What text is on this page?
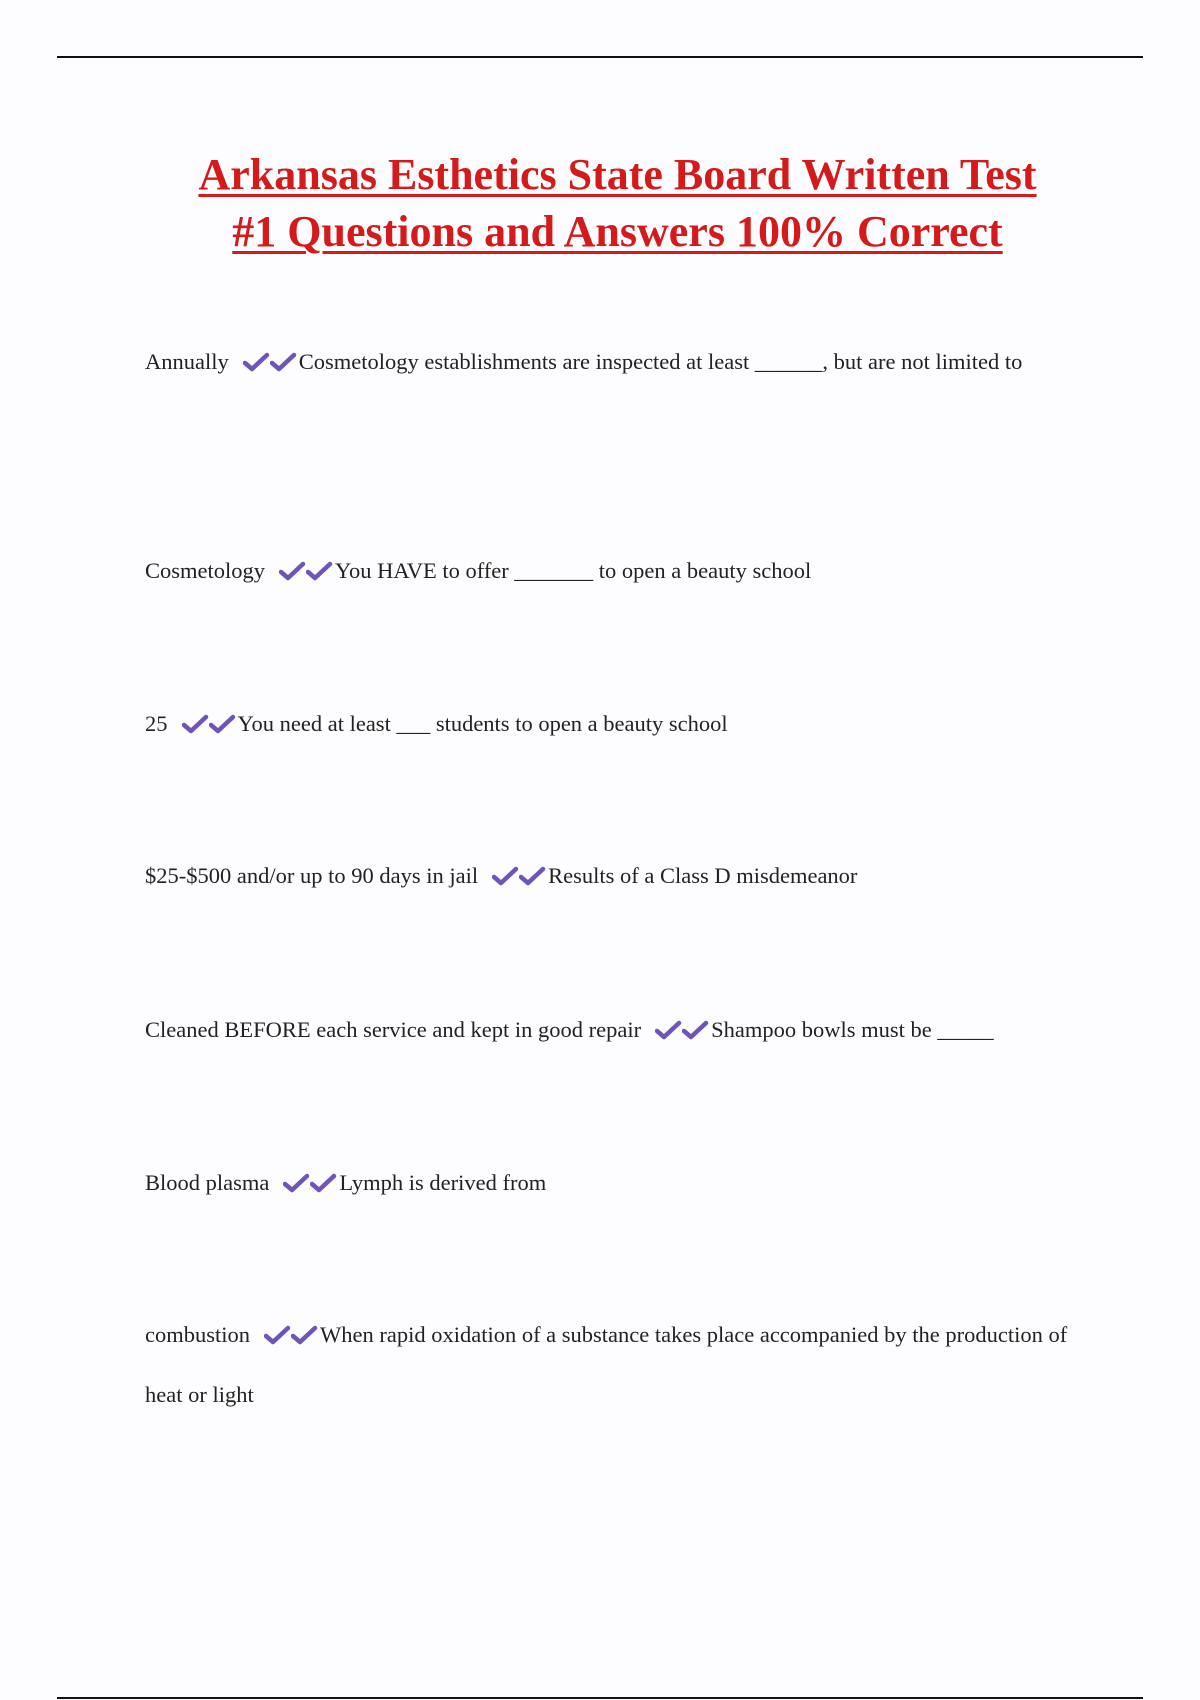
Arkansas Esthetics State Board Written Test
#1 Questions and Answers 100% Correct

Annually	Cosmetology establishments are inspected at least ______, but are not limited to

Cosmetology	You HAVE to offer _______ to open a beauty school

25	You need at least ___ students to open a beauty school

$25-$500 and/or up to 90 days in jail	Results of a Class D misdemeanor

Cleaned BEFORE each service and kept in good repair	Shampoo bowls must be _____

Blood plasma	Lymph is derived from

combustion	When rapid oxidation of a substance takes place accompanied by the production of heat or light
